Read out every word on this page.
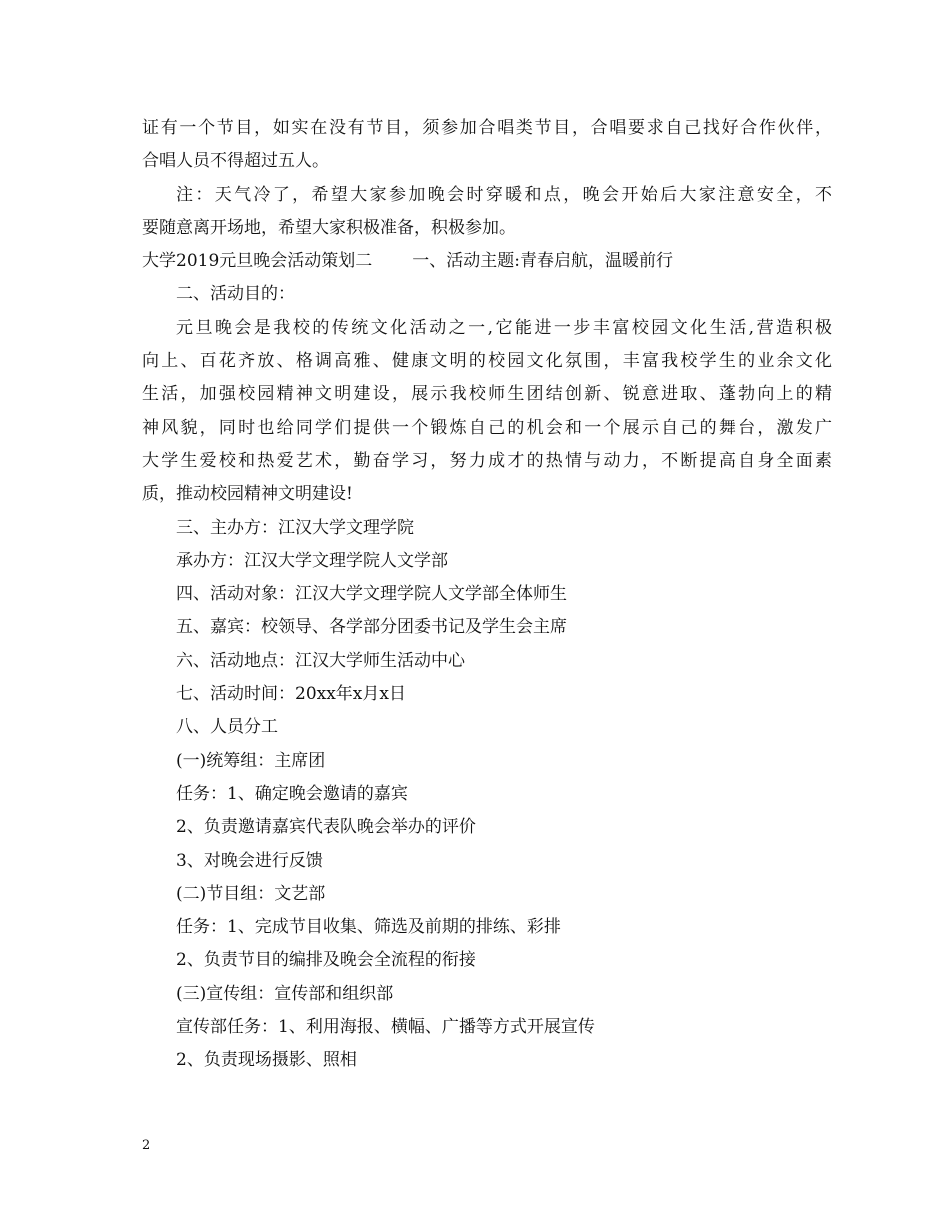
证有一个节目，如实在没有节目，须参加合唱类节目，合唱要求自己找好合作伙伴，
合唱人员不得超过五人。
注：天气冷了，希望大家参加晚会时穿暖和点，晚会开始后大家注意安全，不
要随意离开场地，希望大家积极准备，积极参加。
大学2019元旦晚会活动策划二 一、活动主题:青春启航，温暖前行
二、活动目的：
元旦晚会是我校的传统文化活动之一,它能进一步丰富校园文化生活,营造积极
向上、百花齐放、格调高雅、健康文明的校园文化氛围，丰富我校学生的业余文化
生活，加强校园精神文明建设，展示我校师生团结创新、锐意进取、蓬勃向上的精
神风貌，同时也给同学们提供一个锻炼自己的机会和一个展示自己的舞台，激发广
大学生爱校和热爱艺术，勤奋学习，努力成才的热情与动力，不断提高自身全面素
质，推动校园精神文明建设!
三、主办方：江汉大学文理学院
承办方：江汉大学文理学院人文学部
四、活动对象：江汉大学文理学院人文学部全体师生
五、嘉宾：校领导、各学部分团委书记及学生会主席
六、活动地点：江汉大学师生活动中心
七、活动时间：20xx年x月x日
八、人员分工
(一)统筹组：主席团
任务：1、确定晚会邀请的嘉宾
2、负责邀请嘉宾代表队晚会举办的评价
3、对晚会进行反馈
(二)节目组：文艺部
任务：1、完成节目收集、筛选及前期的排练、彩排
2、负责节目的编排及晚会全流程的衔接
(三)宣传组：宣传部和组织部
宣传部任务：1、利用海报、横幅、广播等方式开展宣传
2、负责现场摄影、照相
2
